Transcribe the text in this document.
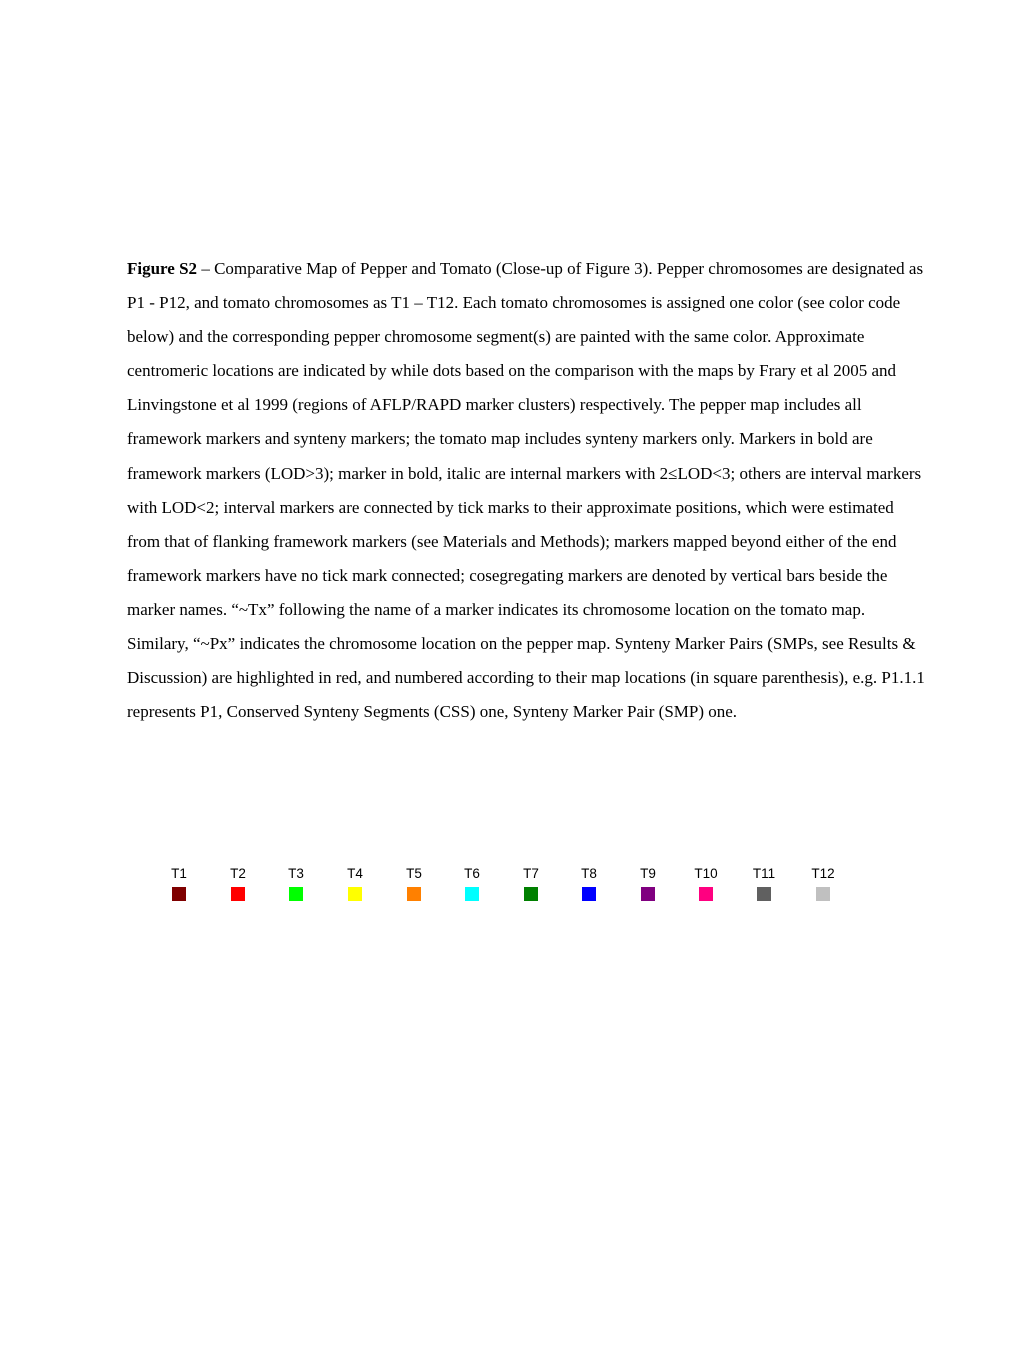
Figure S2 – Comparative Map of Pepper and Tomato (Close-up of Figure 3). Pepper chromosomes are designated as P1 - P12, and tomato chromosomes as T1 – T12. Each tomato chromosomes is assigned one color (see color code below) and the corresponding pepper chromosome segment(s) are painted with the same color. Approximate centromeric locations are indicated by while dots based on the comparison with the maps by Frary et al 2005 and Linvingstone et al 1999 (regions of AFLP/RAPD marker clusters) respectively. The pepper map includes all framework markers and synteny markers; the tomato map includes synteny markers only. Markers in bold are framework markers (LOD>3); marker in bold, italic are internal markers with 2≤LOD<3; others are interval markers with LOD<2; interval markers are connected by tick marks to their approximate positions, which were estimated from that of flanking framework markers (see Materials and Methods); markers mapped beyond either of the end framework markers have no tick mark connected; cosegregating markers are denoted by vertical bars beside the marker names. “~Tx” following the name of a marker indicates its chromosome location on the tomato map. Similary, “~Px” indicates the chromosome location on the pepper map. Synteny Marker Pairs (SMPs, see Results & Discussion) are highlighted in red, and numbered according to their map locations (in square parenthesis), e.g. P1.1.1 represents P1, Conserved Synteny Segments (CSS) one, Synteny Marker Pair (SMP) one.

T1	T2	T3	T4	T5	T6	T7	T8	T9	T10	T11	T12
